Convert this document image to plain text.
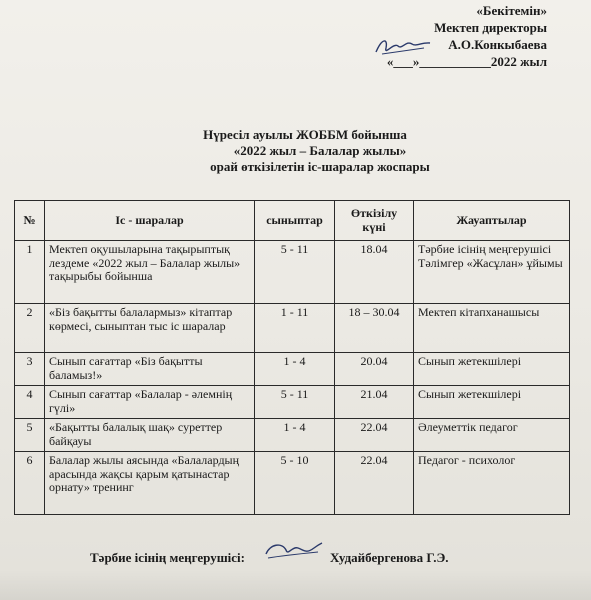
«Бекітемін»
Мектеп директоры
А.О.Конкыбаева
«___»___________2022 жыл
Нүресіл ауылы ЖОББМ бойынша
«2022 жыл – Балалар жылы»
орай өткізілетін іс-шаралар жоспары
№	Іс - шаралар	сыныптар	Өткізілу күні	Жауаптылар
1	Мектеп оқушыларына тақырыптық лездеме «2022 жыл – Балалар жылы» тақырыбы бойынша	5 - 11	18.04	Тәрбие ісінің меңгерушісі Тәлімгер «Жасұлан» ұйымы
2	«Біз бақытты балалармыз» кітаптар көрмесі, сыныптан тыс іс шаралар	1 - 11	18 – 30.04	Мектеп кітапханашысы
3	Сынып сағаттар «Біз бақытты баламыз!»	1 - 4	20.04	Сынып жетекшілері
4	Сынып сағаттар «Балалар - әлемнің гүлі»	5 - 11	21.04	Сынып жетекшілері
5	«Бақытты балалық шақ» суреттер байқауы	1 - 4	22.04	Әлеуметтік педагог
6	Балалар жылы аясында «Балалардың арасында жақсы қарым қатынастар орнату» тренинг	5 - 10	22.04	Педагог - психолог
Тәрбие ісінің меңгерушісі:	Худайбергенова Г.Э.
